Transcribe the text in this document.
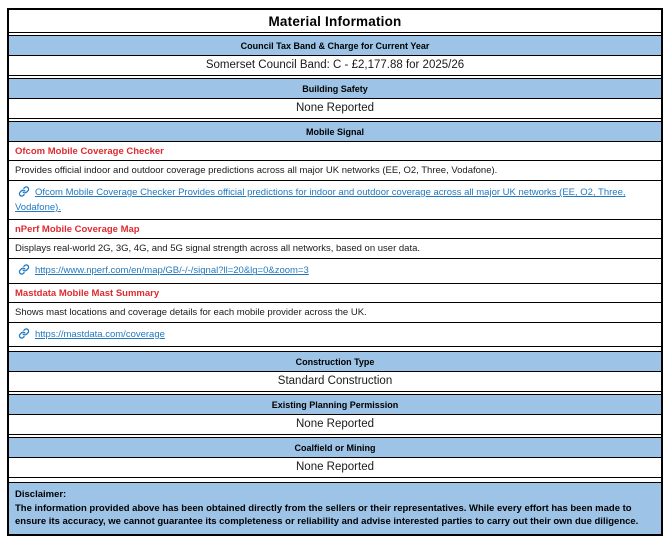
Material Information
Council Tax Band & Charge for Current Year
Somerset Council Band: C - £2,177.88 for 2025/26
Building Safety
None Reported
Mobile Signal
Ofcom Mobile Coverage Checker
Provides official indoor and outdoor coverage predictions across all major UK networks (EE, O2, Three, Vodafone).
Ofcom Mobile Coverage Checker Provides official predictions for indoor and outdoor coverage across all major UK networks (EE, O2, Three, Vodafone).
nPerf Mobile Coverage Map
Displays real-world 2G, 3G, 4G, and 5G signal strength across all networks, based on user data.
https://www.nperf.com/en/map/GB/-/-/signal?ll=20&lg=0&zoom=3
Mastdata Mobile Mast Summary
Shows mast locations and coverage details for each mobile provider across the UK.
https://mastdata.com/coverage
Construction Type
Standard Construction
Existing Planning Permission
None Reported
Coalfield or Mining
None Reported
Disclaimer:
The information provided above has been obtained directly from the sellers or their representatives. While every effort has been made to ensure its accuracy, we cannot guarantee its completeness or reliability and advise interested parties to carry out their own due diligence.
